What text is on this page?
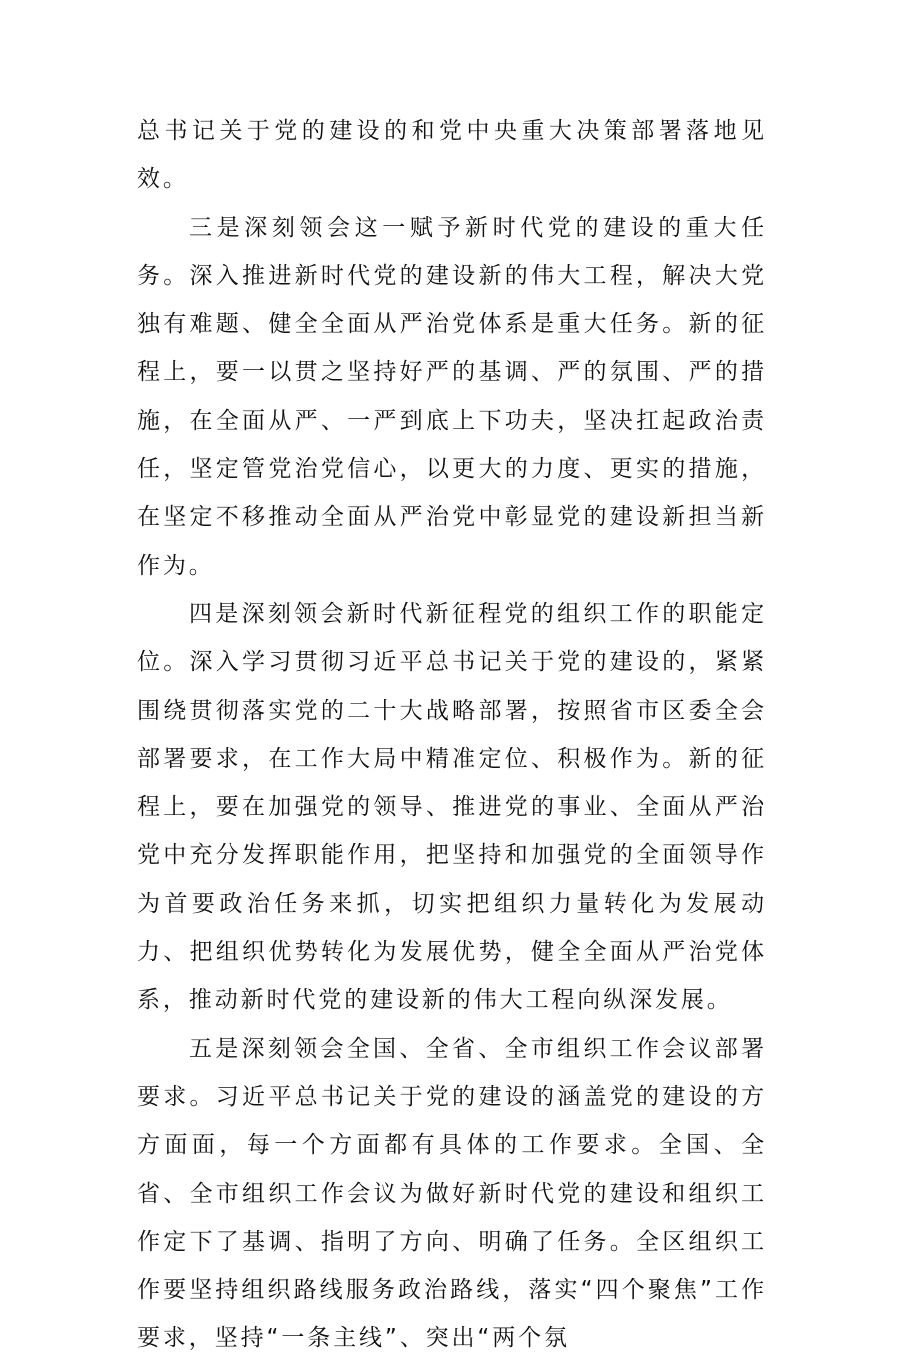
总书记关于党的建设的和党中央重大决策部署落地见效。

三是深刻领会这一赋予新时代党的建设的重大任务。深入推进新时代党的建设新的伟大工程，解决大党独有难题、健全全面从严治党体系是重大任务。新的征程上，要一以贯之坚持好严的基调、严的氛围、严的措施，在全面从严、一严到底上下功夫，坚决扛起政治责任，坚定管党治党信心，以更大的力度、更实的措施，在坚定不移推动全面从严治党中彰显党的建设新担当新作为。

四是深刻领会新时代新征程党的组织工作的职能定位。深入学习贯彻习近平总书记关于党的建设的，紧紧围绕贯彻落实党的二十大战略部署，按照省市区委全会部署要求，在工作大局中精准定位、积极作为。新的征程上，要在加强党的领导、推进党的事业、全面从严治党中充分发挥职能作用，把坚持和加强党的全面领导作为首要政治任务来抓，切实把组织力量转化为发展动力、把组织优势转化为发展优势，健全全面从严治党体系，推动新时代党的建设新的伟大工程向纵深发展。

五是深刻领会全国、全省、全市组织工作会议部署要求。习近平总书记关于党的建设的涵盖党的建设的方方面面，每一个方面都有具体的工作要求。全国、全省、全市组织工作会议为做好新时代党的建设和组织工作定下了基调、指明了方向、明确了任务。全区组织工作要坚持组织路线服务政治路线，落实“四个聚焦”工作要求，坚持“一条主线”、突出“两个氛
